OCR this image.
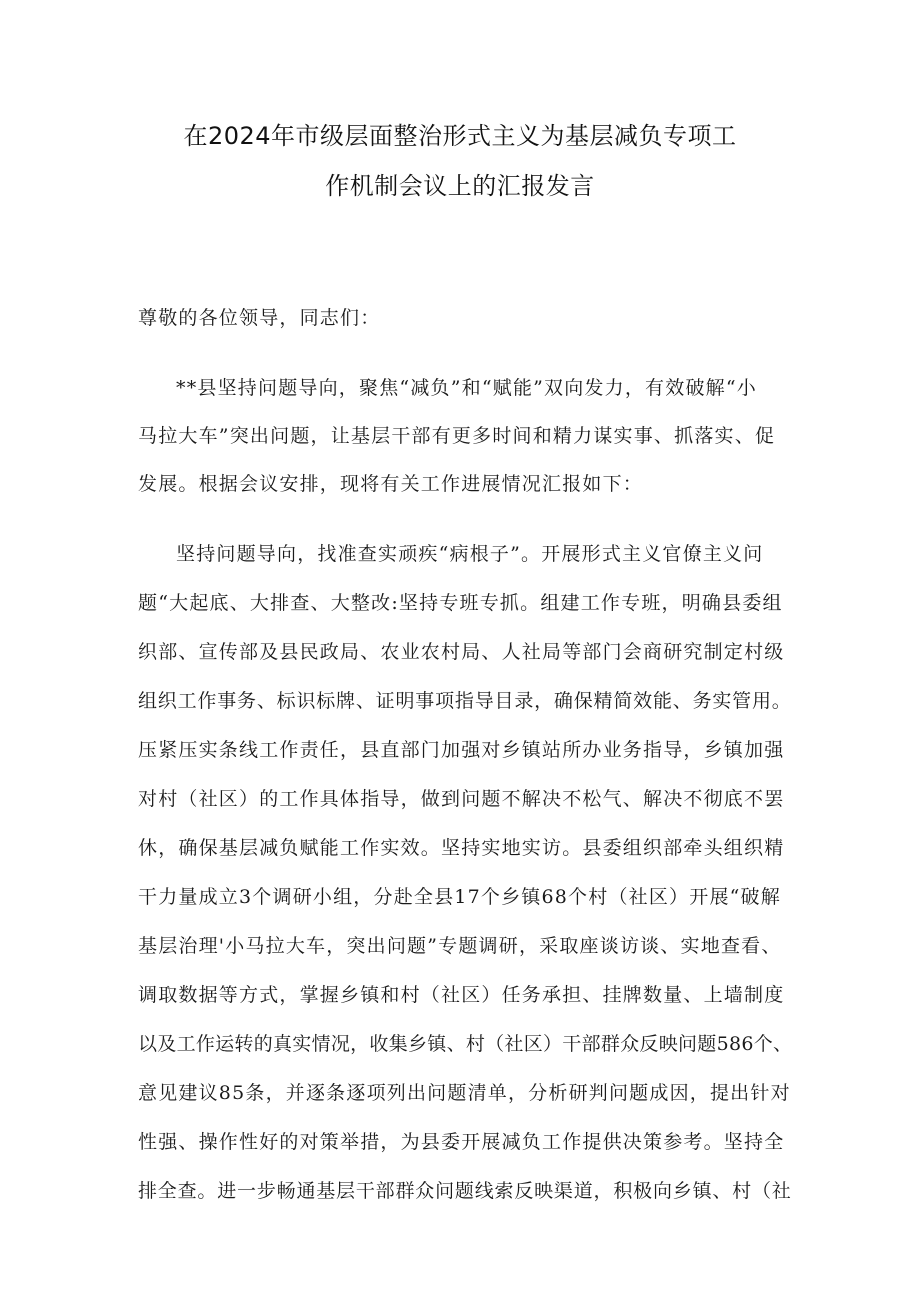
在2024年市级层面整治形式主义为基层减负专项工
作机制会议上的汇报发言
尊敬的各位领导，同志们：
**县坚持问题导向，聚焦“减负”和“赋能”双向发力，有效破解“小
马拉大车”突出问题，让基层干部有更多时间和精力谋实事、抓落实、促
发展。根据会议安排，现将有关工作进展情况汇报如下：
坚持问题导向，找准查实顽疾“病根子”。开展形式主义官僚主义问
题“大起底、大排查、大整改:坚持专班专抓。组建工作专班，明确县委组
织部、宣传部及县民政局、农业农村局、人社局等部门会商研究制定村级
组织工作事务、标识标牌、证明事项指导目录，确保精简效能、务实管用。
压紧压实条线工作责任，县直部门加强对乡镇站所办业务指导，乡镇加强
对村（社区）的工作具体指导，做到问题不解决不松气、解决不彻底不罢
休，确保基层减负赋能工作实效。坚持实地实访。县委组织部牵头组织精
干力量成立3个调研小组，分赴全县17个乡镇68个村（社区）开展“破解
基层治理'小马拉大车，突出问题”专题调研，采取座谈访谈、实地查看、
调取数据等方式，掌握乡镇和村（社区）任务承担、挂牌数量、上墙制度
以及工作运转的真实情况，收集乡镇、村（社区）干部群众反映问题586个、
意见建议85条，并逐条逐项列出问题清单，分析研判问题成因，提出针对
性强、操作性好的对策举措，为县委开展减负工作提供决策参考。坚持全
排全查。进一步畅通基层干部群众问题线索反映渠道，积极向乡镇、村（社
